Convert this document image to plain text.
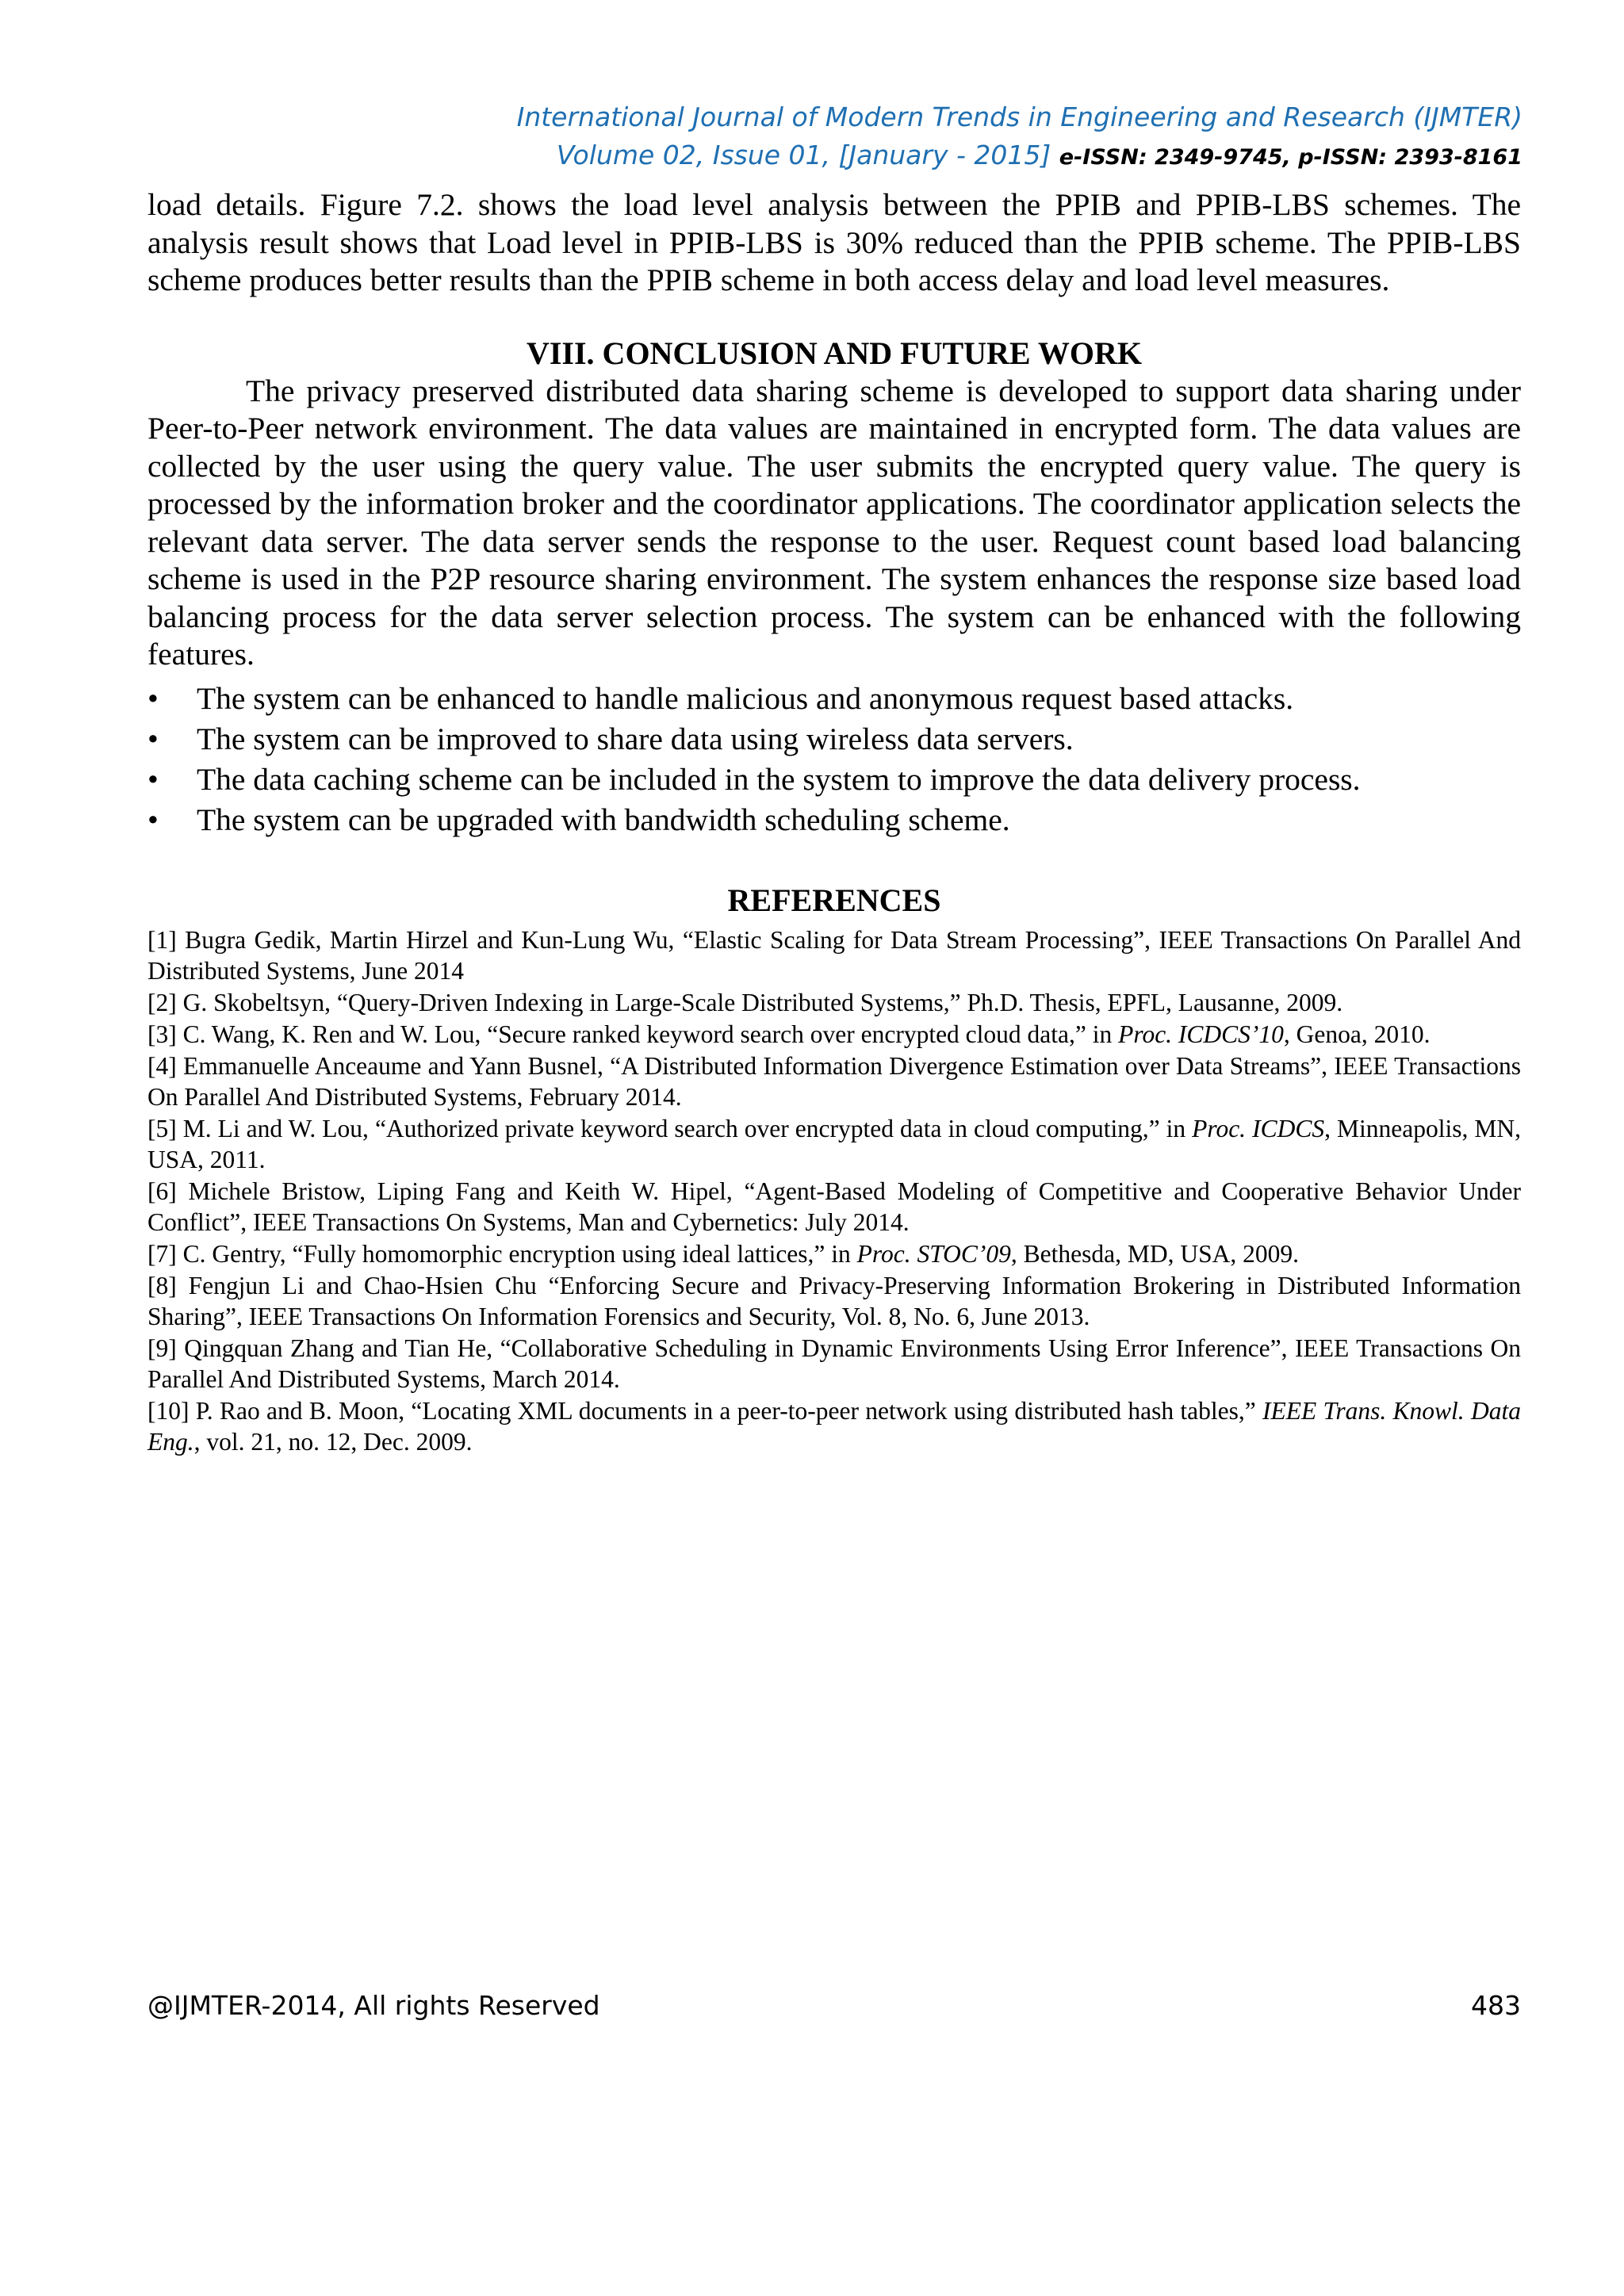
International Journal of Modern Trends in Engineering and Research (IJMTER)
Volume 02, Issue 01, [January - 2015] e-ISSN: 2349-9745, p-ISSN: 2393-8161

load details. Figure 7.2. shows the load level analysis between the PPIB and PPIB-LBS schemes. The analysis result shows that Load level in PPIB-LBS is 30% reduced than the PPIB scheme. The PPIB-LBS scheme produces better results than the PPIB scheme in both access delay and load level measures.

VIII. CONCLUSION AND FUTURE WORK

The privacy preserved distributed data sharing scheme is developed to support data sharing under Peer-to-Peer network environment. The data values are maintained in encrypted form. The data values are collected by the user using the query value. The user submits the encrypted query value. The query is processed by the information broker and the coordinator applications. The coordinator application selects the relevant data server. The data server sends the response to the user. Request count based load balancing scheme is used in the P2P resource sharing environment. The system enhances the response size based load balancing process for the data server selection process. The system can be enhanced with the following features.

• The system can be enhanced to handle malicious and anonymous request based attacks.
• The system can be improved to share data using wireless data servers.
• The data caching scheme can be included in the system to improve the data delivery process.
• The system can be upgraded with bandwidth scheduling scheme.
REFERENCES
[1] Bugra Gedik, Martin Hirzel and Kun-Lung Wu, “Elastic Scaling for Data Stream Processing”, IEEE Transactions On Parallel And Distributed Systems, June 2014
[2] G. Skobeltsyn, “Query-Driven Indexing in Large-Scale Distributed Systems,” Ph.D. Thesis, EPFL, Lausanne, 2009.
[3] C. Wang, K. Ren and W. Lou, “Secure ranked keyword search over encrypted cloud data,” in Proc. ICDCS’10, Genoa, 2010.
[4] Emmanuelle Anceaume and Yann Busnel, “A Distributed Information Divergence Estimation over Data Streams”, IEEE Transactions On Parallel And Distributed Systems, February 2014.
[5] M. Li and W. Lou, “Authorized private keyword search over encrypted data in cloud computing,” in Proc. ICDCS, Minneapolis, MN, USA, 2011.
[6] Michele Bristow, Liping Fang and Keith W. Hipel, “Agent-Based Modeling of Competitive and Cooperative Behavior Under Conflict”, IEEE Transactions On Systems, Man and Cybernetics: July 2014.
[7] C. Gentry, “Fully homomorphic encryption using ideal lattices,” in Proc. STOC’09, Bethesda, MD, USA, 2009.
[8] Fengjun Li and Chao-Hsien Chu “Enforcing Secure and Privacy-Preserving Information Brokering in Distributed Information Sharing”, IEEE Transactions On Information Forensics and Security, Vol. 8, No. 6, June 2013.
[9] Qingquan Zhang and Tian He, “Collaborative Scheduling in Dynamic Environments Using Error Inference”, IEEE Transactions On Parallel And Distributed Systems, March 2014.
[10] P. Rao and B. Moon, “Locating XML documents in a peer-to-peer network using distributed hash tables,” IEEE Trans. Knowl. Data Eng., vol. 21, no. 12, Dec. 2009.
@IJMTER-2014, All rights Reserved	483
